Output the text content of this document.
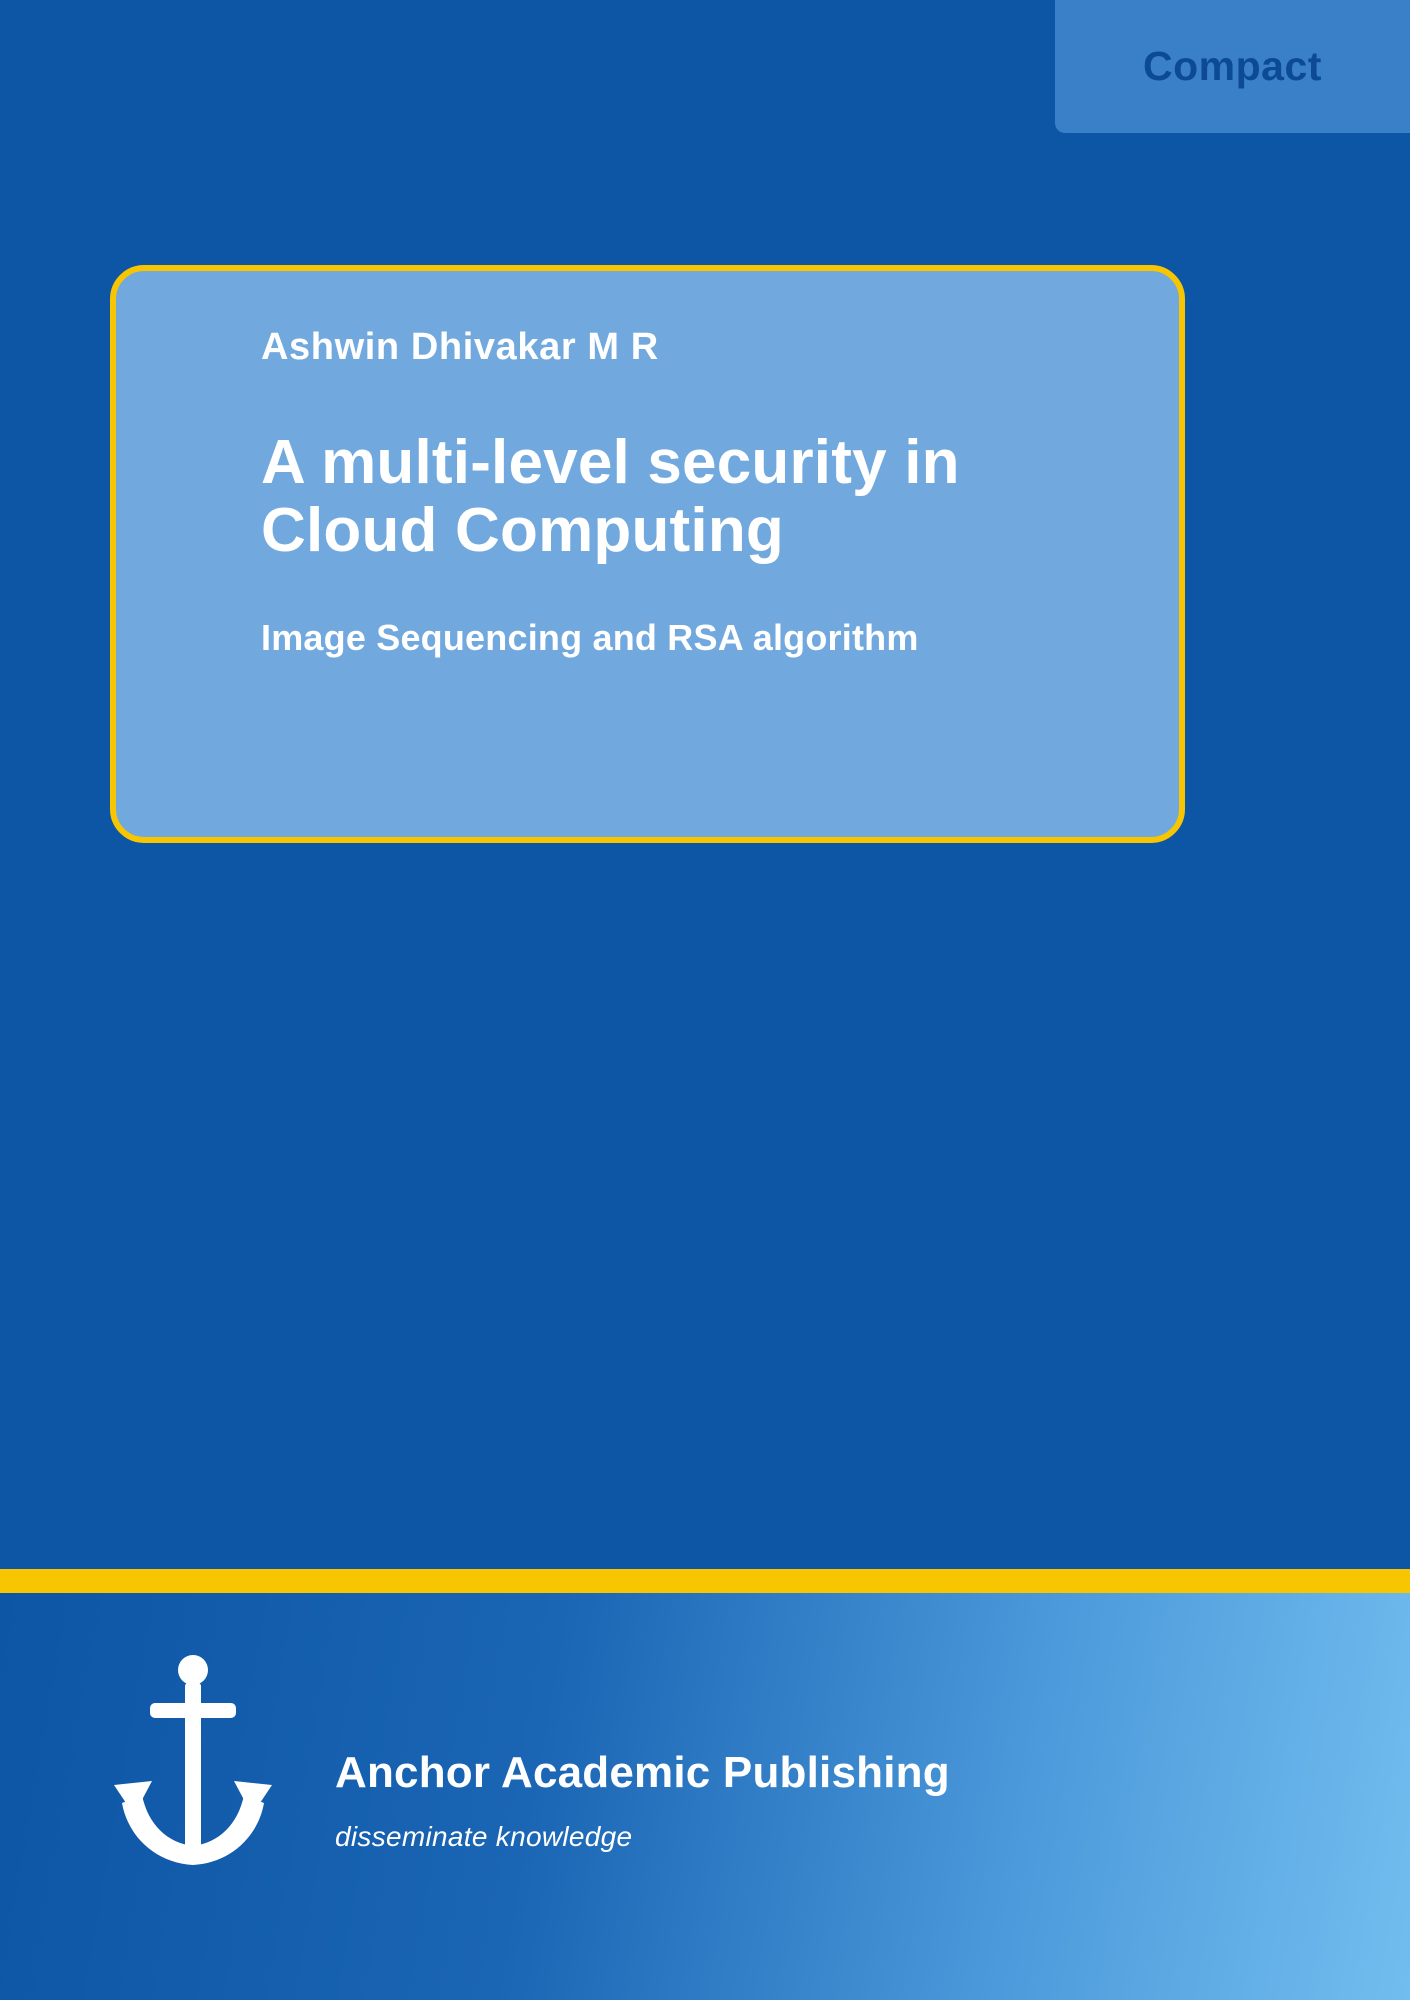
Compact
Ashwin Dhivakar M R
A multi-level security in Cloud Computing
Image Sequencing and RSA algorithm
Anchor Academic Publishing
disseminate knowledge
